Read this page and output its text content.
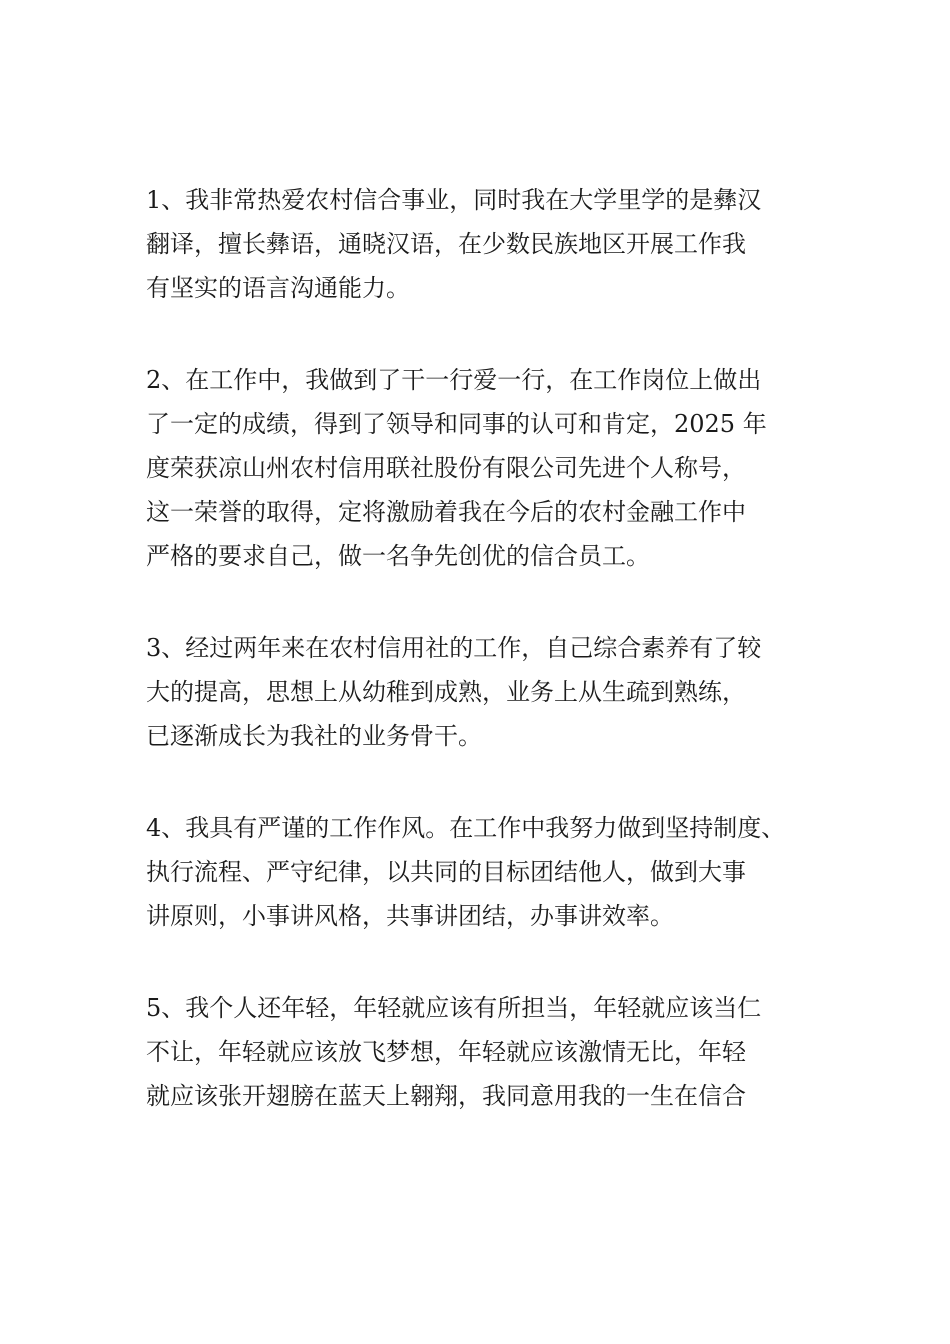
1、我非常热爱农村信合事业，同时我在大学里学的是彝汉
翻译，擅长彝语，通晓汉语，在少数民族地区开展工作我
有坚实的语言沟通能力。

2、在工作中，我做到了干一行爱一行，在工作岗位上做出
了一定的成绩，得到了领导和同事的认可和肯定，2025 年
度荣获凉山州农村信用联社股份有限公司先进个人称号，
这一荣誉的取得，定将激励着我在今后的农村金融工作中
严格的要求自己，做一名争先创优的信合员工。

3、经过两年来在农村信用社的工作，自己综合素养有了较
大的提高，思想上从幼稚到成熟，业务上从生疏到熟练，
已逐渐成长为我社的业务骨干。

4、我具有严谨的工作作风。在工作中我努力做到坚持制度、
执行流程、严守纪律，以共同的目标团结他人，做到大事
讲原则，小事讲风格，共事讲团结，办事讲效率。

5、我个人还年轻，年轻就应该有所担当，年轻就应该当仁
不让，年轻就应该放飞梦想，年轻就应该激情无比，年轻
就应该张开翅膀在蓝天上翱翔，我同意用我的一生在信合
